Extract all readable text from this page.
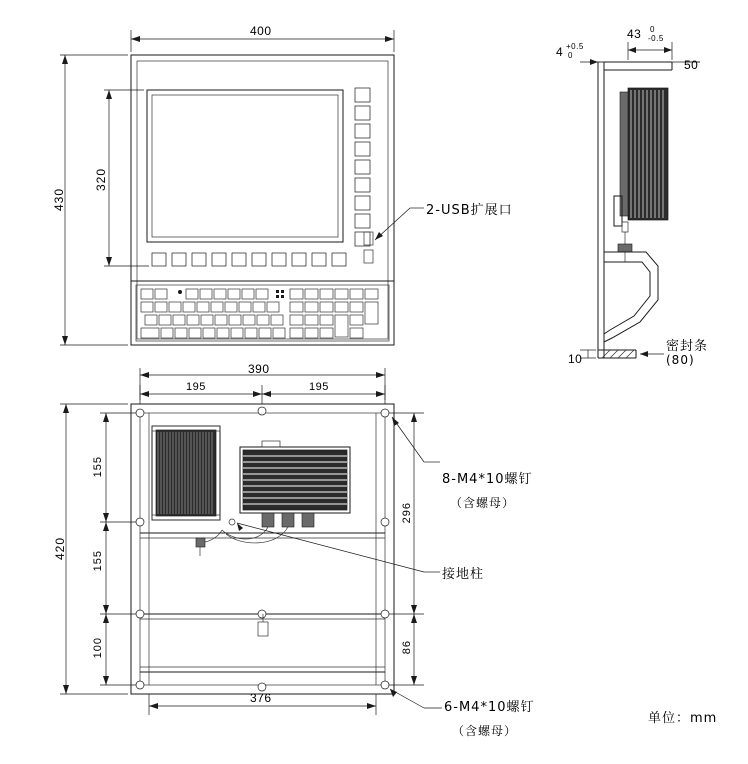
400
430
320
2-USB扩展口
43 0
-0.5
4 +0.5
0
50
10
密封条
(80)
390
195	195
420
155
155
100
296
86
376
8-M4*10螺钉
（含螺母）
接地柱
6-M4*10螺钉
（含螺母）
单位：mm
